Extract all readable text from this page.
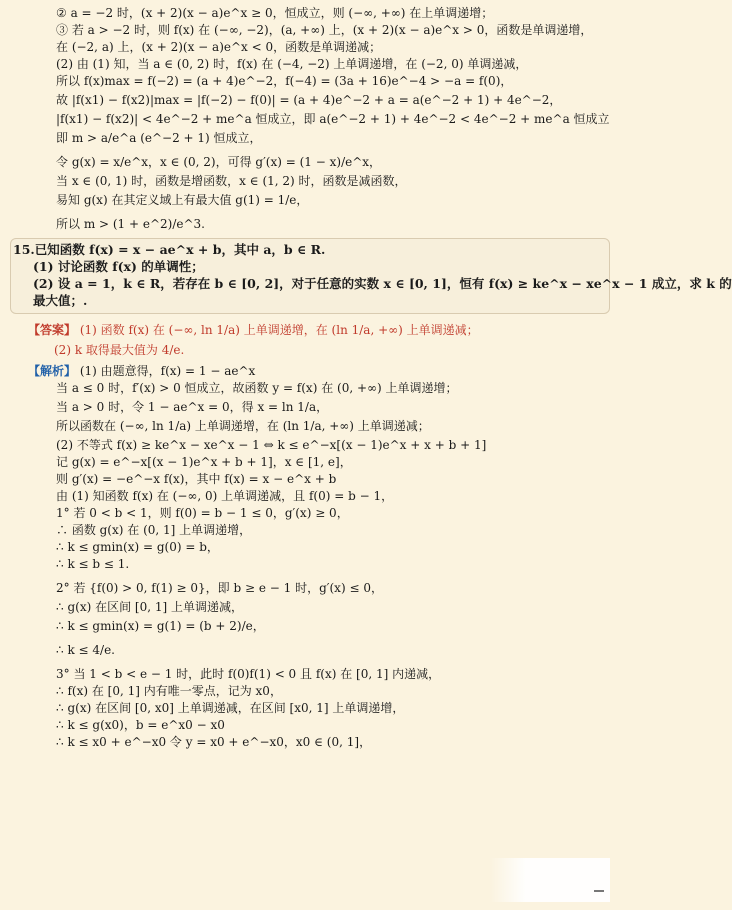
② a = −2 时，(x + 2)(x − a)e^x ≥ 0，恒成立，则 (−∞, +∞) 在上单调递增；
③ 若 a > −2 时，则 f(x) 在 (−∞, −2)，(a, +∞) 上，(x + 2)(x − a)e^x > 0，函数是单调递增，
在 (−2, a) 上，(x + 2)(x − a)e^x < 0，函数是单调递减；
(2) 由 (1) 知，当 a ∈ (0, 2) 时，f(x) 在 (−4, −2) 上单调递增，在 (−2, 0) 单调递减，
所以 f(x)max = f(−2) = (a + 4)e^−2，f(−4) = (3a + 16)e^−4 > −a = f(0)，
故 |f(x1) − f(x2)|max = |f(−2) − f(0)| = (a + 4)e^−2 + a = a(e^−2 + 1) + 4e^−2，
|f(x1) − f(x2)| < 4e^−2 + me^a 恒成立，即 a(e^−2 + 1) + 4e^−2 < 4e^−2 + me^a 恒成立
即 m > a/e^a (e^−2 + 1) 恒成立，
令 g(x) = x/e^x，x ∈ (0, 2)，可得 g′(x) = (1 − x)/e^x，
当 x ∈ (0, 1) 时，函数是增函数，x ∈ (1, 2) 时，函数是减函数，
易知 g(x) 在其定义域上有最大值 g(1) = 1/e，
所以 m > (1 + e^2)/e^3.
15.已知函数 f(x) = x − ae^x + b，其中 a，b ∈ R.
(1) 讨论函数 f(x) 的单调性；
(2) 设 a = 1，k ∈ R，若存在 b ∈ [0, 2]，对于任意的实数 x ∈ [0, 1]，恒有 f(x) ≥ ke^x − xe^x − 1 成立，求 k 的
最大值；.
【答案】 (1) 函数 f(x) 在 (−∞, ln 1/a) 上单调递增，在 (ln 1/a, +∞) 上单调递减；
(2) k 取得最大值为 4/e.
【解析】 (1) 由题意得，f(x) = 1 − ae^x
当 a ≤ 0 时，f′(x) > 0 恒成立，故函数 y = f(x) 在 (0, +∞) 上单调递增；
当 a > 0 时，令 1 − ae^x = 0，得 x = ln 1/a，
所以函数在 (−∞, ln 1/a) 上单调递增，在 (ln 1/a, +∞) 上单调递减；
(2) 不等式 f(x) ≥ ke^x − xe^x − 1 ⇔ k ≤ e^−x[(x − 1)e^x + x + b + 1]
记 g(x) = e^−x[(x − 1)e^x + b + 1]，x ∈ [1, e]，
则 g′(x) = −e^−x f(x)，其中 f(x) = x − e^x + b
由 (1) 知函数 f(x) 在 (−∞, 0) 上单调递减，且 f(0) = b − 1，
1° 若 0 < b < 1，则 f(0) = b − 1 ≤ 0，g′(x) ≥ 0，
∴ 函数 g(x) 在 (0, 1] 上单调递增，
∴ k ≤ gmin(x) = g(0) = b，
∴ k ≤ b ≤ 1.
2° 若 {f(0) > 0, f(1) ≥ 0}，即 b ≥ e − 1 时，g′(x) ≤ 0，
∴ g(x) 在区间 [0, 1] 上单调递减，
∴ k ≤ gmin(x) = g(1) = (b + 2)/e，
∴ k ≤ 4/e.
3° 当 1 < b < e − 1 时，此时 f(0)f(1) < 0 且 f(x) 在 [0, 1] 内递减，
∴ f(x) 在 [0, 1] 内有唯一零点，记为 x0，
∴ g(x) 在区间 [0, x0] 上单调递减，在区间 [x0, 1] 上单调递增，
∴ k ≤ g(x0)，b = e^x0 − x0
∴ k ≤ x0 + e^−x0 令 y = x0 + e^−x0，x0 ∈ (0, 1]，
